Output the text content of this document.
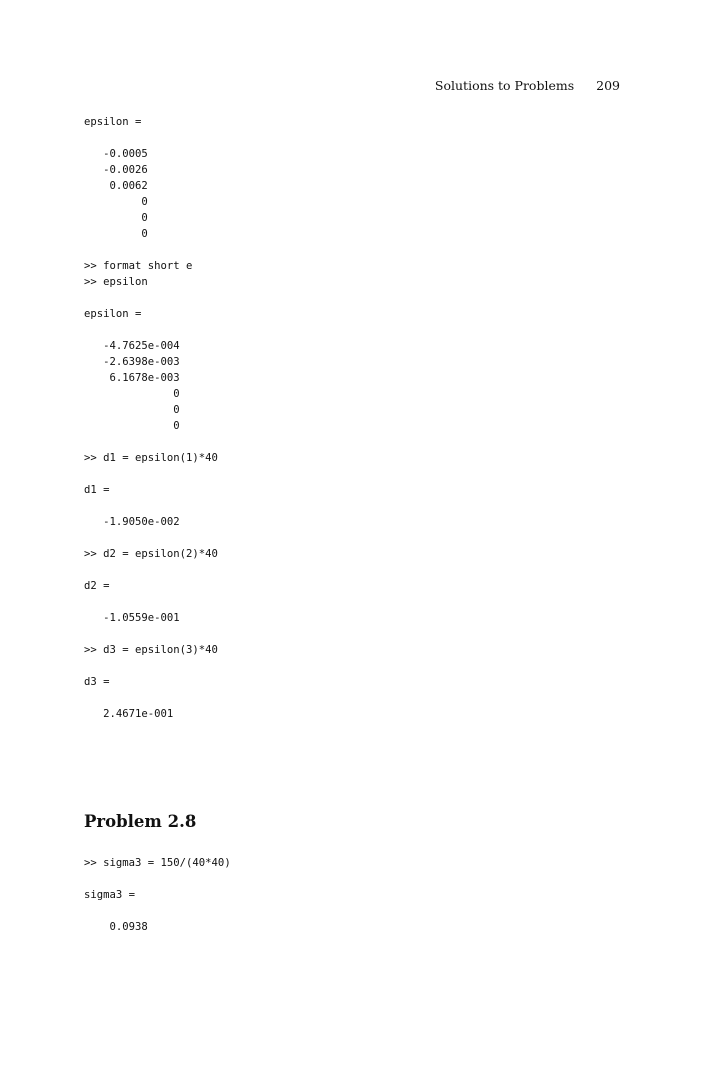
Solutions to Problems 209
epsilon =

-0.0005
-0.0026
0.0062
0
0
0

>> format short e
>> epsilon

epsilon =

-4.7625e-004
-2.6398e-003
6.1678e-003
0
0
0

>> d1 = epsilon(1)*40

d1 =

-1.9050e-002

>> d2 = epsilon(2)*40

d2 =

-1.0559e-001

>> d3 = epsilon(3)*40

d3 =

2.4671e-001
Problem 2.8
>> sigma3 = 150/(40*40)

sigma3 =

0.0938
